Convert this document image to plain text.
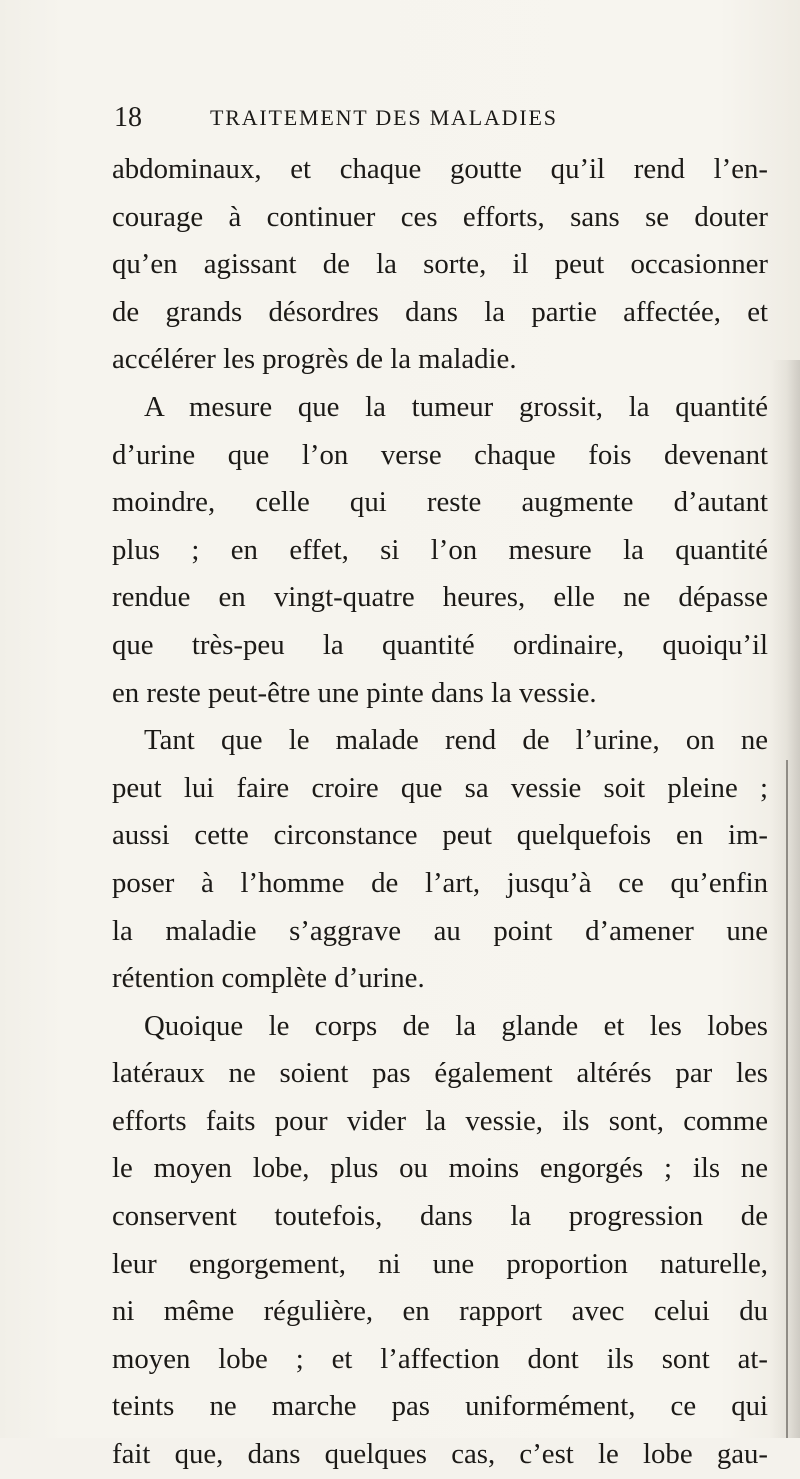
18	TRAITEMENT DES MALADIES
abdominaux, et chaque goutte qu’il rend l’en-
courage à continuer ces efforts, sans se douter
qu’en agissant de la sorte, il peut occasionner
de grands désordres dans la partie affectée, et
accélérer les progrès de la maladie.
A mesure que la tumeur grossit, la quantité
d’urine que l’on verse chaque fois devenant
moindre, celle qui reste augmente d’autant
plus ; en effet, si l’on mesure la quantité
rendue en vingt-quatre heures, elle ne dépasse
que très-peu la quantité ordinaire, quoiqu’il
en reste peut-être une pinte dans la vessie.
Tant que le malade rend de l’urine, on ne
peut lui faire croire que sa vessie soit pleine ;
aussi cette circonstance peut quelquefois en im-
poser à l’homme de l’art, jusqu’à ce qu’enfin
la maladie s’aggrave au point d’amener une
rétention complète d’urine.
Quoique le corps de la glande et les lobes
latéraux ne soient pas également altérés par les
efforts faits pour vider la vessie, ils sont, comme
le moyen lobe, plus ou moins engorgés ; ils ne
conservent toutefois, dans la progression de
leur engorgement, ni une proportion naturelle,
ni même régulière, en rapport avec celui du
moyen lobe ; et l’affection dont ils sont at-
teints ne marche pas uniformément, ce qui
fait que, dans quelques cas, c’est le lobe gau-
